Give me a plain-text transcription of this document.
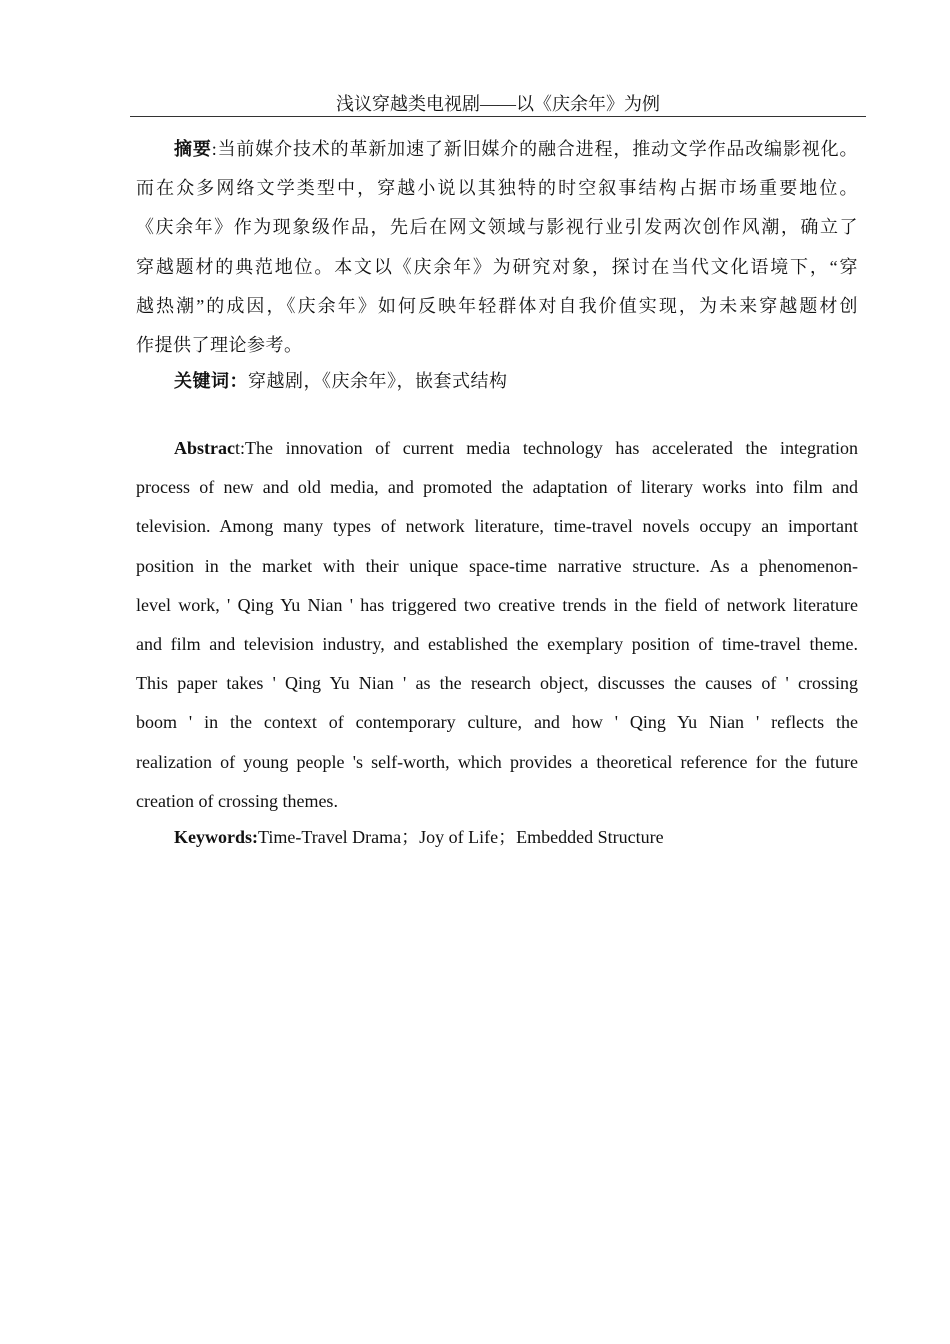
浅议穿越类电视剧——以《庆余年》为例
摘要:当前媒介技术的革新加速了新旧媒介的融合进程，推动文学作品改编影视化。
而在众多网络文学类型中，穿越小说以其独特的时空叙事结构占据市场重要地位。
《庆余年》作为现象级作品，先后在网文领域与影视行业引发两次创作风潮，确立了
穿越题材的典范地位。本文以《庆余年》为研究对象，探讨在当代文化语境下，“穿
越热潮”的成因，《庆余年》如何反映年轻群体对自我价值实现，为未来穿越题材创
作提供了理论参考。
关键词：穿越剧，《庆余年》，嵌套式结构
Abstract:The innovation of current media technology has accelerated the integration
process of new and old media, and promoted the adaptation of literary works into film and
television. Among many types of network literature, time-travel novels occupy an important
position in the market with their unique space-time narrative structure. As a phenomenon-
level work, ' Qing Yu Nian ' has triggered two creative trends in the field of network literature
and film and television industry, and established the exemplary position of time-travel theme.
This paper takes ' Qing Yu Nian ' as the research object, discusses the causes of ' crossing
boom ' in the context of contemporary culture, and how ' Qing Yu Nian ' reflects the
realization of young people 's self-worth, which provides a theoretical reference for the future
creation of crossing themes.
Keywords:Time-Travel Drama；Joy of Life；Embedded Structure
